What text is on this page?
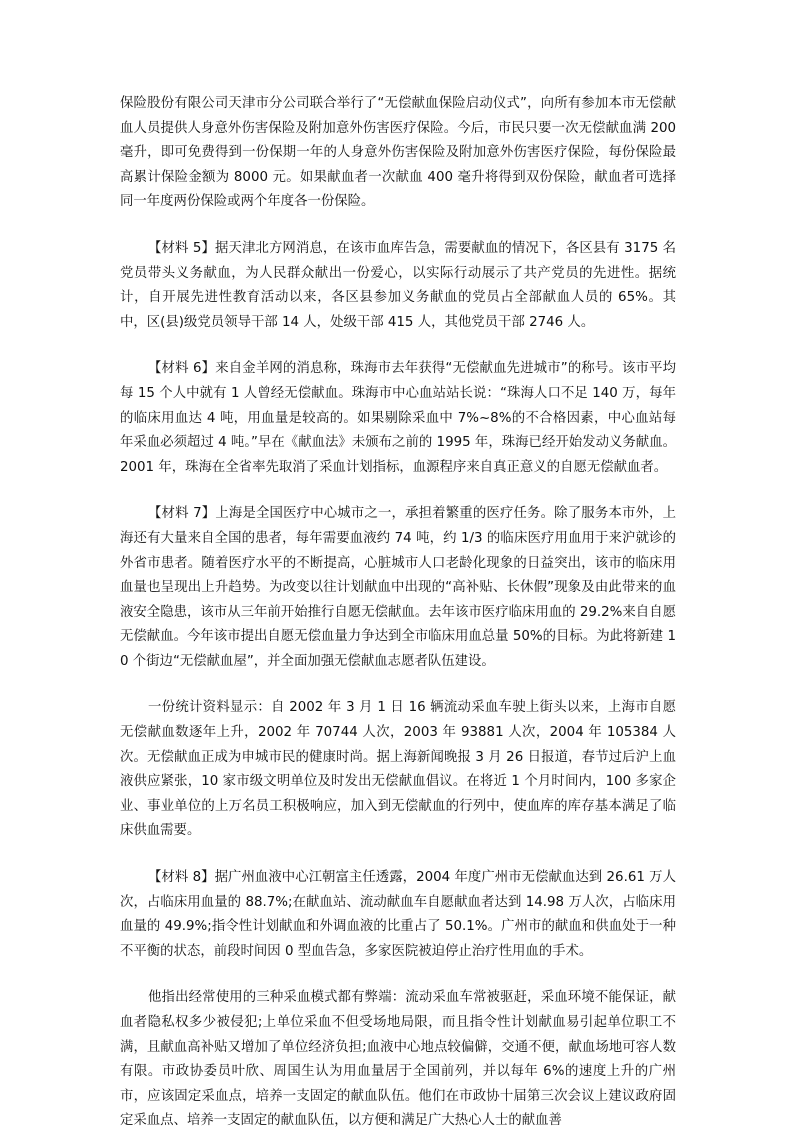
保险股份有限公司天津市分公司联合举行了“无偿献血保险启动仪式”，向所有参加本市无偿献血人员提供人身意外伤害保险及附加意外伤害医疗保险。今后，市民只要一次无偿献血满 200 毫升，即可免费得到一份保期一年的人身意外伤害保险及附加意外伤害医疗保险，每份保险最高累计保险金额为 8000 元。如果献血者一次献血 400 毫升将得到双份保险，献血者可选择同一年度两份保险或两个年度各一份保险。

【材料 5】据天津北方网消息，在该市血库告急，需要献血的情况下，各区县有 3175 名党员带头义务献血，为人民群众献出一份爱心，以实际行动展示了共产党员的先进性。据统计，自开展先进性教育活动以来，各区县参加义务献血的党员占全部献血人员的 65%。其中，区(县)级党员领导干部 14 人，处级干部 415 人，其他党员干部 2746 人。

【材料 6】来自金羊网的消息称，珠海市去年获得“无偿献血先进城市”的称号。该市平均每 15 个人中就有 1 人曾经无偿献血。珠海市中心血站站长说：“珠海人口不足 140 万，每年的临床用血达 4 吨，用血量是较高的。如果剔除采血中 7%~8%的不合格因素，中心血站每年采血必须超过 4 吨。”早在《献血法》未颁布之前的 1995 年，珠海已经开始发动义务献血。2001 年，珠海在全省率先取消了采血计划指标，血源程序来自真正意义的自愿无偿献血者。

【材料 7】上海是全国医疗中心城市之一，承担着繁重的医疗任务。除了服务本市外，上海还有大量来自全国的患者，每年需要血液约 74 吨，约 1/3 的临床医疗用血用于来沪就诊的外省市患者。随着医疗水平的不断提高，心脏城市人口老龄化现象的日益突出，该市的临床用血量也呈现出上升趋势。为改变以往计划献血中出现的“高补贴、长休假”现象及由此带来的血液安全隐患，该市从三年前开始推行自愿无偿献血。去年该市医疗临床用血的 29.2%来自自愿无偿献血。今年该市提出自愿无偿血量力争达到全市临床用血总量 50%的目标。为此将新建 10 个街边“无偿献血屋”，并全面加强无偿献血志愿者队伍建设。

一份统计资料显示：自 2002 年 3 月 1 日 16 辆流动采血车驶上街头以来，上海市自愿无偿献血数逐年上升，2002 年 70744 人次，2003 年 93881 人次，2004 年 105384 人次。无偿献血正成为申城市民的健康时尚。据上海新闻晚报 3 月 26 日报道，春节过后沪上血液供应紧张，10 家市级文明单位及时发出无偿献血倡议。在将近 1 个月时间内，100 多家企业、事业单位的上万名员工积极响应，加入到无偿献血的行列中，使血库的库存基本满足了临床供血需要。

【材料 8】据广州血液中心江朝富主任透露，2004 年度广州市无偿献血达到 26.61 万人次，占临床用血量的 88.7%;在献血站、流动献血车自愿献血者达到 14.98 万人次，占临床用血量的 49.9%;指令性计划献血和外调血液的比重占了 50.1%。广州市的献血和供血处于一种不平衡的状态，前段时间因 0 型血告急，多家医院被迫停止治疗性用血的手术。

他指出经常使用的三种采血模式都有弊端：流动采血车常被驱赶，采血环境不能保证，献血者隐私权多少被侵犯;上单位采血不但受场地局限，而且指令性计划献血易引起单位职工不满，且献血高补贴又增加了单位经济负担;血液中心地点较偏僻，交通不便，献血场地可容人数有限。市政协委员叶欣、周国生认为用血量居于全国前列，并以每年 6%的速度上升的广州市，应该固定采血点，培养一支固定的献血队伍。他们在市政协十届第三次会议上建议政府固定采血点、培养一支固定的献血队伍，以方便和满足广大热心人士的献血善
